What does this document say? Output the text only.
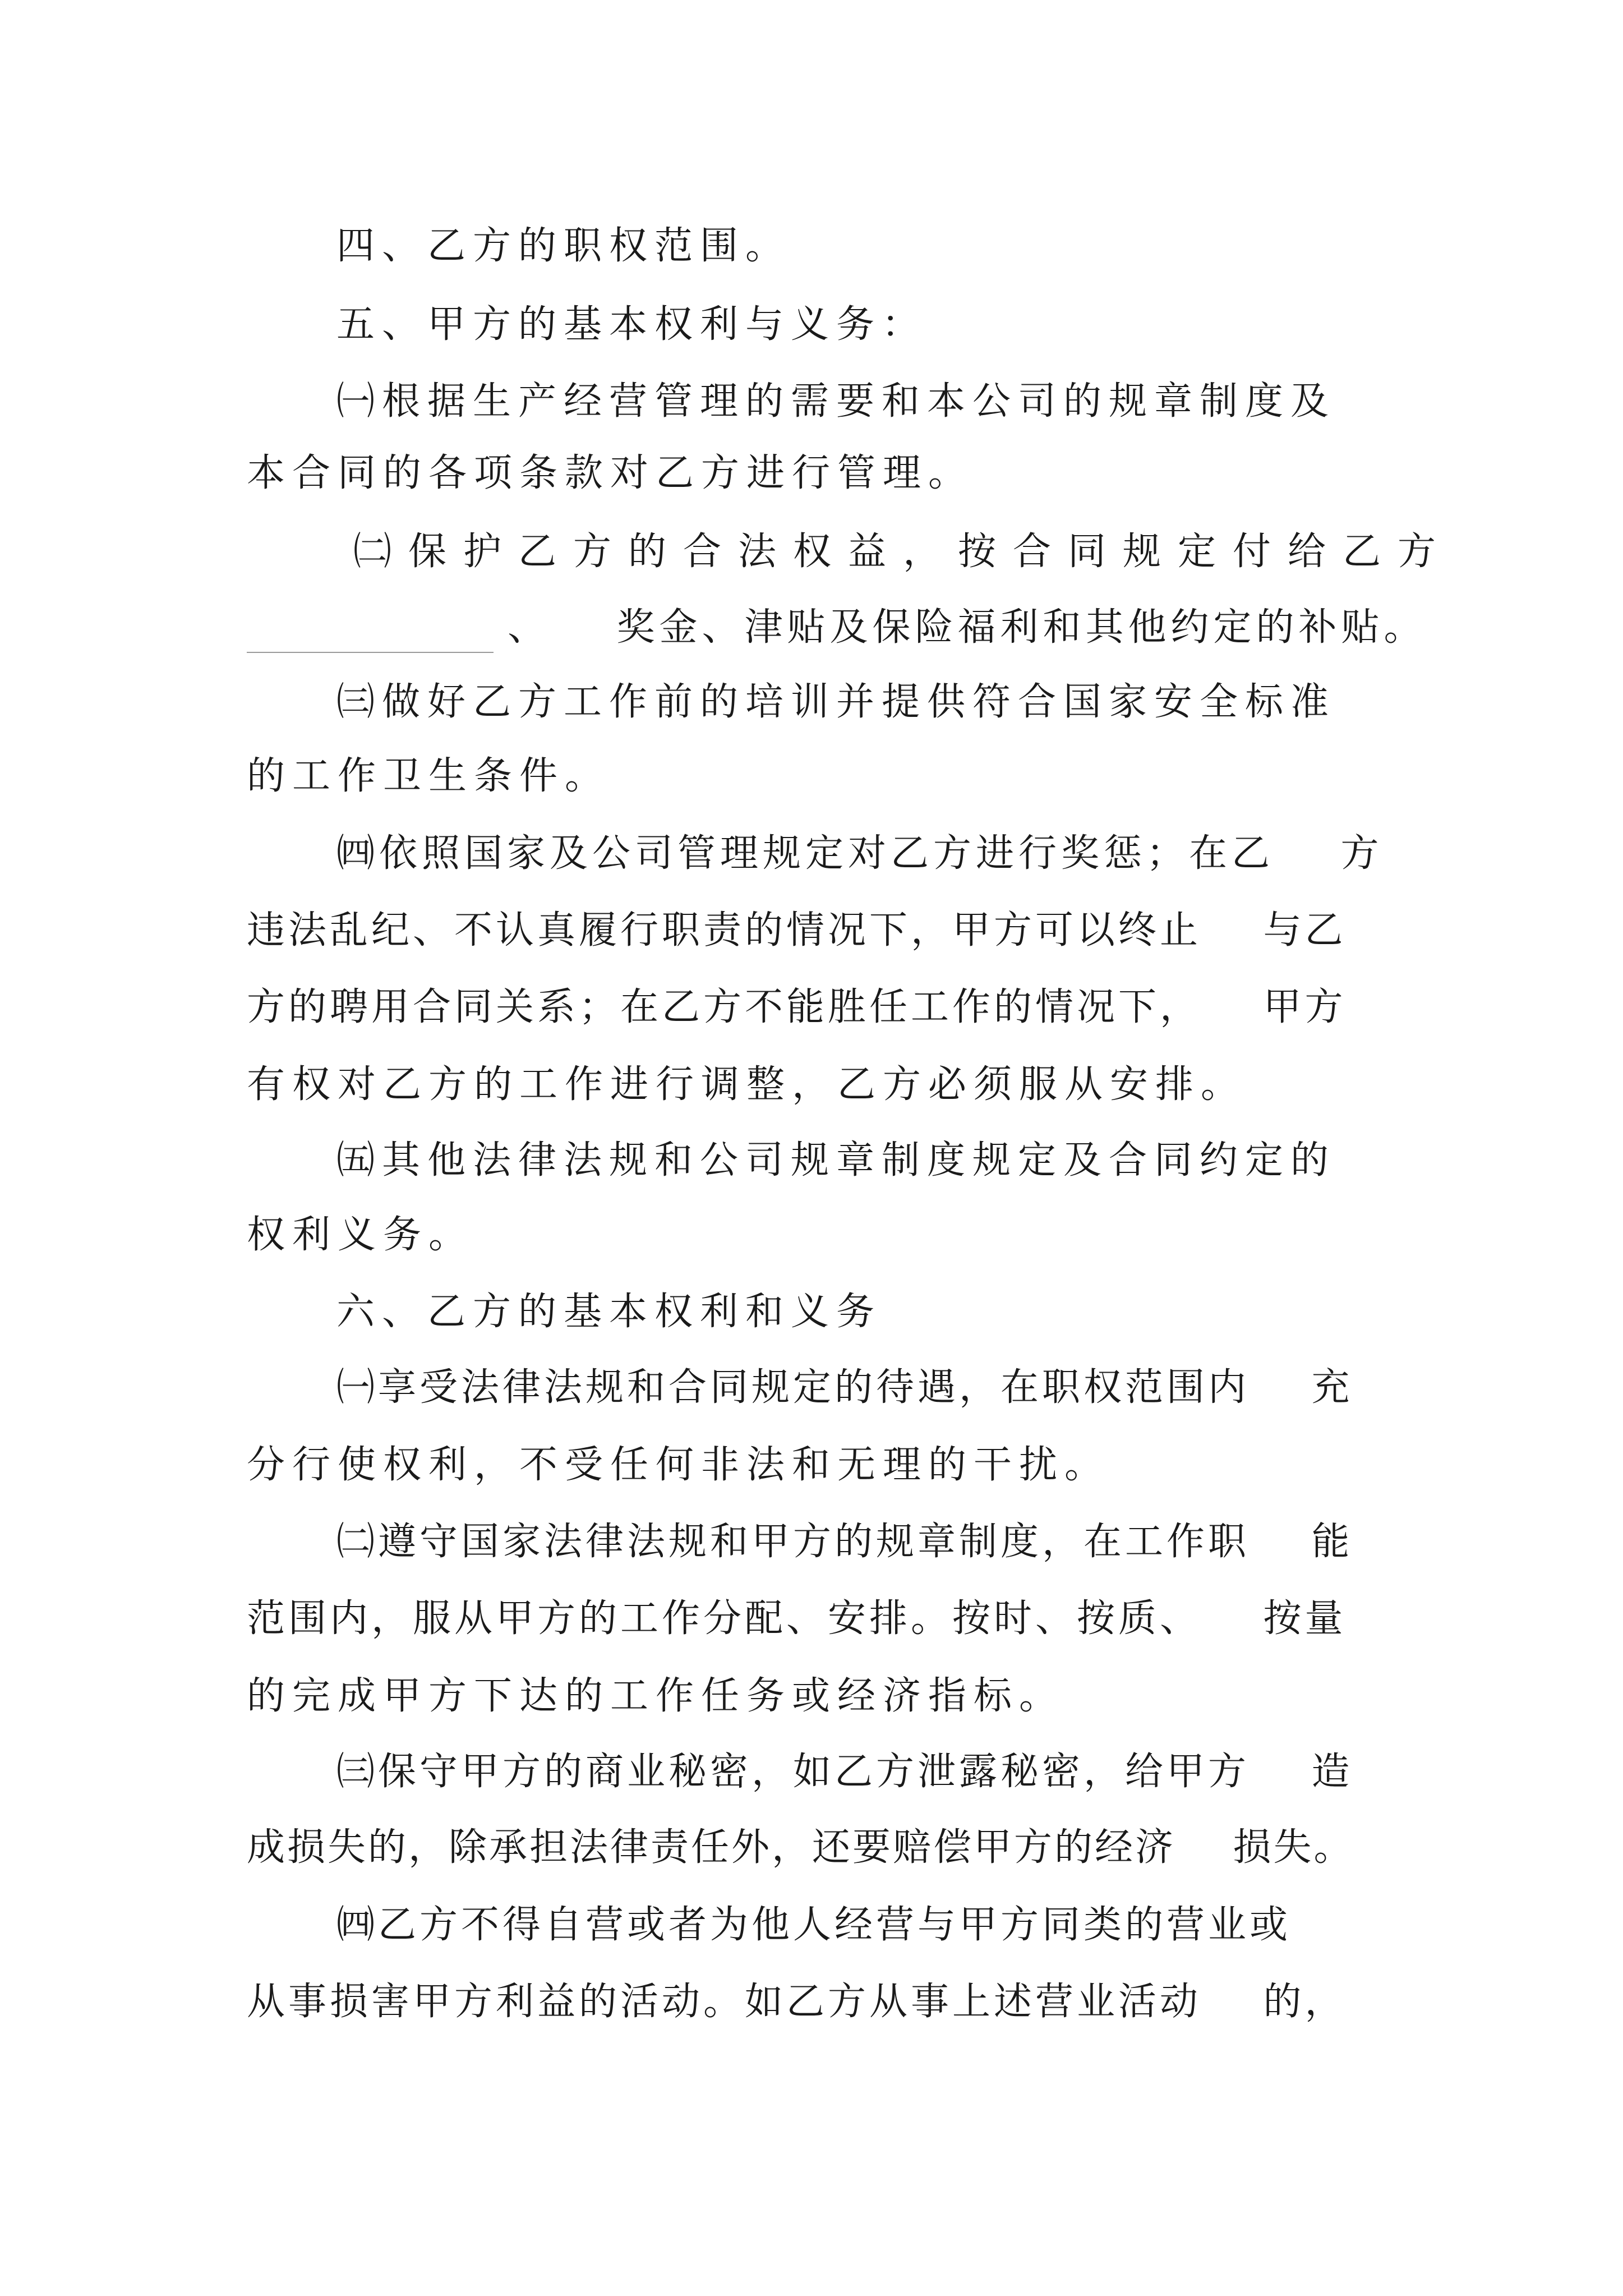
四、乙方的职权范围。
五、甲方的基本权利与义务：
㈠根据生产经营管理的需要和本公司的规章制度及
本合同的各项条款对乙方进行管理。
㈡保护乙方的合法权益，按合同规定付给乙方
、    奖金、津贴及保险福利和其他约定的补贴。
㈢做好乙方工作前的培训并提供符合国家安全标准
的工作卫生条件。
㈣依照国家及公司管理规定对乙方进行奖惩；在乙    方
违法乱纪、不认真履行职责的情况下，甲方可以终止    与乙
方的聘用合同关系；在乙方不能胜任工作的情况下，    甲方
有权对乙方的工作进行调整，乙方必须服从安排。
㈤其他法律法规和公司规章制度规定及合同约定的
权利义务。
六、乙方的基本权利和义务
㈠享受法律法规和合同规定的待遇，在职权范围内    充
分行使权利，不受任何非法和无理的干扰。
㈡遵守国家法律法规和甲方的规章制度，在工作职    能
范围内，服从甲方的工作分配、安排。按时、按质、    按量
的完成甲方下达的工作任务或经济指标。
㈢保守甲方的商业秘密，如乙方泄露秘密，给甲方    造
成损失的，除承担法律责任外，还要赔偿甲方的经济    损失。
㈣乙方不得自营或者为他人经营与甲方同类的营业或
从事损害甲方利益的活动。如乙方从事上述营业活动    的，
